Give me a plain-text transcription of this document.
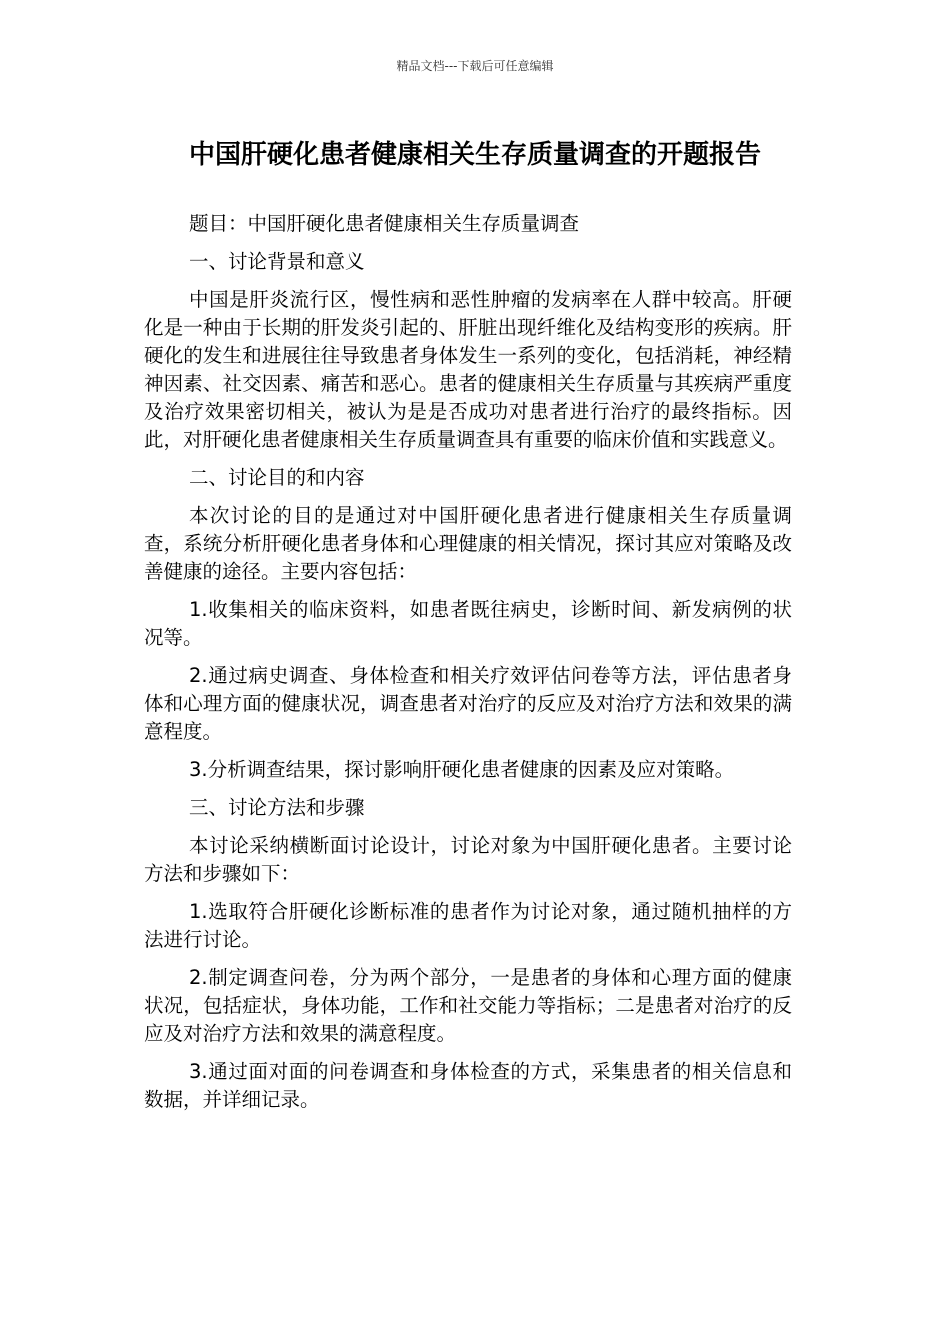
精品文档---下载后可任意编辑
中国肝硬化患者健康相关生存质量调查的开题报告

题目：中国肝硬化患者健康相关生存质量调查

一、讨论背景和意义

中国是肝炎流行区，慢性病和恶性肿瘤的发病率在人群中较高。肝硬化是一种由于长期的肝发炎引起的、肝脏出现纤维化及结构变形的疾病。肝硬化的发生和进展往往导致患者身体发生一系列的变化，包括消耗，神经精神因素、社交因素、痛苦和恶心。患者的健康相关生存质量与其疾病严重度及治疗效果密切相关，被认为是是否成功对患者进行治疗的最终指标。因此，对肝硬化患者健康相关生存质量调查具有重要的临床价值和实践意义。

二、讨论目的和内容

本次讨论的目的是通过对中国肝硬化患者进行健康相关生存质量调查，系统分析肝硬化患者身体和心理健康的相关情况，探讨其应对策略及改善健康的途径。主要内容包括：

1.收集相关的临床资料，如患者既往病史，诊断时间、新发病例的状况等。

2.通过病史调查、身体检查和相关疗效评估问卷等方法，评估患者身体和心理方面的健康状况，调查患者对治疗的反应及对治疗方法和效果的满意程度。

3.分析调查结果，探讨影响肝硬化患者健康的因素及应对策略。

三、讨论方法和步骤

本讨论采纳横断面讨论设计，讨论对象为中国肝硬化患者。主要讨论方法和步骤如下：

1.选取符合肝硬化诊断标准的患者作为讨论对象，通过随机抽样的方法进行讨论。

2.制定调查问卷，分为两个部分，一是患者的身体和心理方面的健康状况，包括症状，身体功能，工作和社交能力等指标；二是患者对治疗的反应及对治疗方法和效果的满意程度。

3.通过面对面的问卷调查和身体检查的方式，采集患者的相关信息和数据，并详细记录。
